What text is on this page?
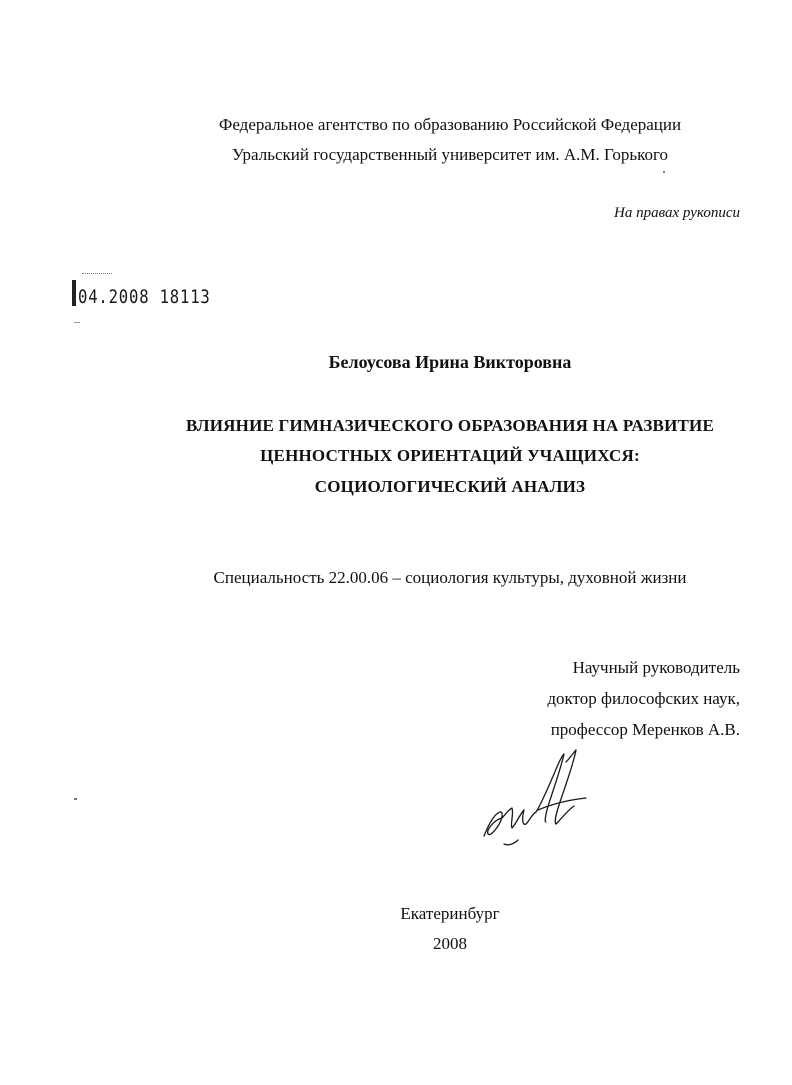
Федеральное агентство по образованию Российской Федерации
Уральский государственный университет им. А.М. Горького
На правах рукописи
04.2008 18113
Белоусова Ирина Викторовна
ВЛИЯНИЕ ГИМНАЗИЧЕСКОГО ОБРАЗОВАНИЯ НА РАЗВИТИЕ
ЦЕННОСТНЫХ ОРИЕНТАЦИЙ УЧАЩИХСЯ:
СОЦИОЛОГИЧЕСКИЙ АНАЛИЗ
Специальность 22.00.06 – социология культуры, духовной жизни
Научный руководитель
доктор философских наук,
профессор Меренков А.В.
Екатеринбург
2008
